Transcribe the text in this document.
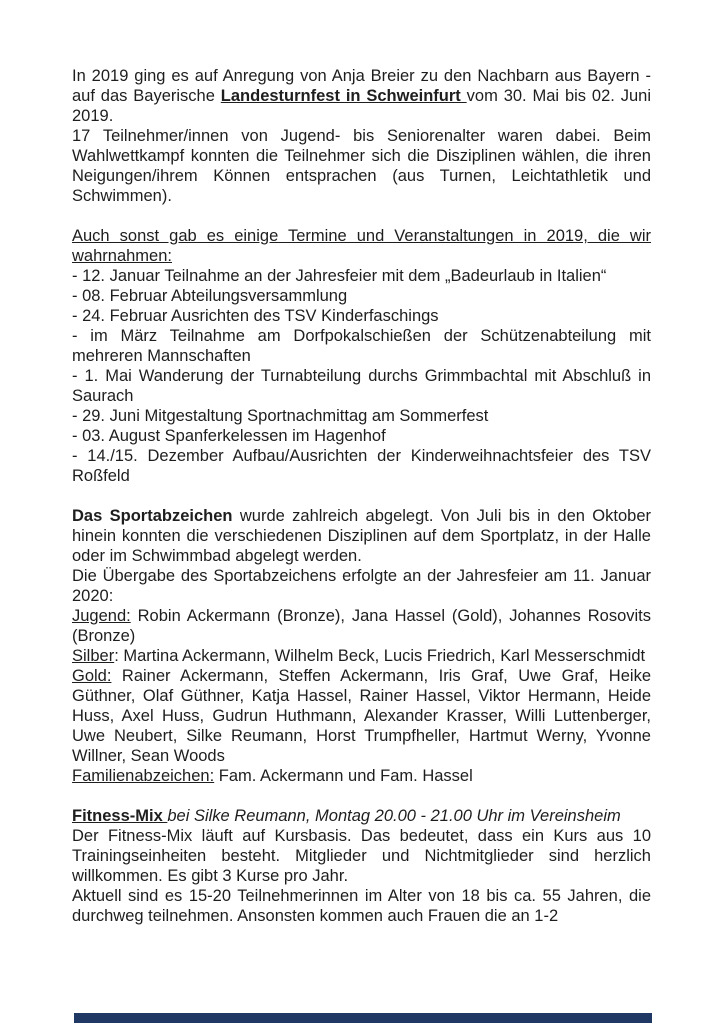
In 2019 ging es auf Anregung von Anja Breier zu den Nachbarn aus Bayern - auf das Bayerische Landesturnfest in Schweinfurt vom 30. Mai bis 02. Juni 2019.

17 Teilnehmer/innen von Jugend- bis Seniorenalter waren dabei. Beim Wahlwettkampf konnten die Teilnehmer sich die Disziplinen wählen, die ihren Neigungen/ihrem Können entsprachen (aus Turnen, Leichtathletik und Schwimmen).

Auch sonst gab es einige Termine und Veranstaltungen in 2019, die wir wahrnahmen:

- 12. Januar Teilnahme an der Jahresfeier mit dem „Badeurlaub in Italien“

- 08. Februar Abteilungsversammlung

- 24. Februar Ausrichten des TSV Kinderfaschings

- im März Teilnahme am Dorfpokalschießen der Schützenabteilung mit mehreren Mannschaften

- 1. Mai Wanderung der Turnabteilung durchs Grimmbachtal mit Abschluß in Saurach

- 29. Juni Mitgestaltung Sportnachmittag am Sommerfest

- 03. August Spanferkelessen im Hagenhof

- 14./15. Dezember Aufbau/Ausrichten der Kinderweihnachtsfeier des TSV Roßfeld

Das Sportabzeichen wurde zahlreich abgelegt. Von Juli bis in den Oktober hinein konnten die verschiedenen Disziplinen auf dem Sportplatz, in der Halle oder im Schwimmbad abgelegt werden.

Die Übergabe des Sportabzeichens erfolgte an der Jahresfeier am 11. Januar 2020:

Jugend: Robin Ackermann (Bronze), Jana Hassel (Gold), Johannes Rosovits (Bronze)

Silber: Martina Ackermann, Wilhelm Beck, Lucis Friedrich, Karl Messerschmidt

Gold: Rainer Ackermann, Steffen Ackermann, Iris Graf, Uwe Graf, Heike Güthner, Olaf Güthner, Katja Hassel, Rainer Hassel, Viktor Hermann, Heide Huss, Axel Huss, Gudrun Huthmann, Alexander Krasser, Willi Luttenberger, Uwe Neubert, Silke Reumann, Horst Trumpfheller, Hartmut Werny, Yvonne Willner, Sean Woods

Familienabzeichen: Fam. Ackermann und Fam. Hassel

Fitness-Mix bei Silke Reumann, Montag 20.00 - 21.00 Uhr im Vereinsheim

Der Fitness-Mix läuft auf Kursbasis. Das bedeutet, dass ein Kurs aus 10 Trainingseinheiten besteht. Mitglieder und Nichtmitglieder sind herzlich willkommen. Es gibt 3 Kurse pro Jahr.

Aktuell sind es 15-20 Teilnehmerinnen im Alter von 18 bis ca. 55 Jahren, die durchweg teilnehmen. Ansonsten kommen auch Frauen die an 1-2
